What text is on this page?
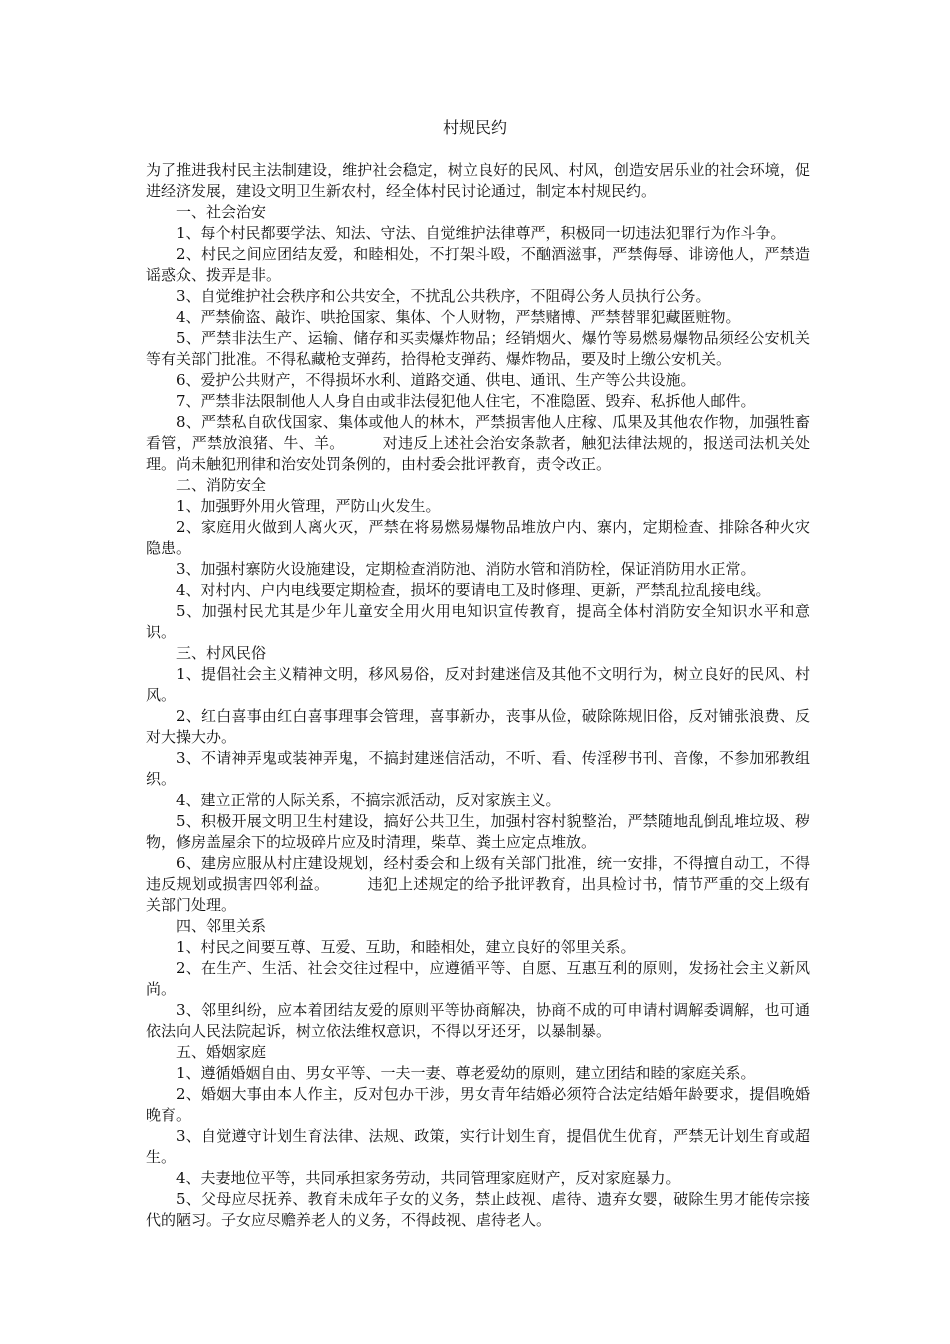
村规民约

为了推进我村民主法制建设，维护社会稳定，树立良好的民风、村风，创造安居乐业的社会环境，促进经济发展，建设文明卫生新农村，经全体村民讨论通过，制定本村规民约。

一、社会治安

1、每个村民都要学法、知法、守法、自觉维护法律尊严，积极同一切违法犯罪行为作斗争。

2、村民之间应团结友爱，和睦相处，不打架斗殴，不酗酒滋事，严禁侮辱、诽谤他人，严禁造谣惑众、拨弄是非。

3、自觉维护社会秩序和公共安全，不扰乱公共秩序，不阻碍公务人员执行公务。

4、严禁偷盗、敲诈、哄抢国家、集体、个人财物，严禁赌博、严禁替罪犯藏匿赃物。

5、严禁非法生产、运输、储存和买卖爆炸物品；经销烟火、爆竹等易燃易爆物品须经公安机关等有关部门批准。不得私藏枪支弹药，拾得枪支弹药、爆炸物品，要及时上缴公安机关。

6、爱护公共财产，不得损坏水利、道路交通、供电、通讯、生产等公共设施。

7、严禁非法限制他人人身自由或非法侵犯他人住宅，不准隐匿、毁弃、私拆他人邮件。

8、严禁私自砍伐国家、集体或他人的林木，严禁损害他人庄稼、瓜果及其他农作物，加强牲畜看管，严禁放浪猪、牛、羊。　　　对违反上述社会治安条款者，触犯法律法规的，报送司法机关处理。尚未触犯刑律和治安处罚条例的，由村委会批评教育，责令改正。

二、消防安全

1、加强野外用火管理，严防山火发生。

2、家庭用火做到人离火灭，严禁在将易燃易爆物品堆放户内、寨内，定期检查、排除各种火灾隐患。

3、加强村寨防火设施建设，定期检查消防池、消防水管和消防栓，保证消防用水正常。

4、对村内、户内电线要定期检查，损坏的要请电工及时修理、更新，严禁乱拉乱接电线。

5、加强村民尤其是少年儿童安全用火用电知识宣传教育，提高全体村消防安全知识水平和意识。

三、村风民俗

1、提倡社会主义精神文明，移风易俗，反对封建迷信及其他不文明行为，树立良好的民风、村风。

2、红白喜事由红白喜事理事会管理，喜事新办，丧事从俭，破除陈规旧俗，反对铺张浪费、反对大操大办。

3、不请神弄鬼或装神弄鬼，不搞封建迷信活动，不听、看、传淫秽书刊、音像，不参加邪教组织。

4、建立正常的人际关系，不搞宗派活动，反对家族主义。

5、积极开展文明卫生村建设，搞好公共卫生，加强村容村貌整治，严禁随地乱倒乱堆垃圾、秽物，修房盖屋余下的垃圾碎片应及时清理，柴草、粪土应定点堆放。

6、建房应服从村庄建设规划，经村委会和上级有关部门批准，统一安排，不得擅自动工，不得违反规划或损害四邻利益。　　　违犯上述规定的给予批评教育，出具检讨书，情节严重的交上级有关部门处理。

四、邻里关系

1、村民之间要互尊、互爱、互助，和睦相处，建立良好的邻里关系。

2、在生产、生活、社会交往过程中，应遵循平等、自愿、互惠互利的原则，发扬社会主义新风尚。

3、邻里纠纷，应本着团结友爱的原则平等协商解决，协商不成的可申请村调解委调解，也可通依法向人民法院起诉，树立依法维权意识，不得以牙还牙，以暴制暴。

五、婚姻家庭

1、遵循婚姻自由、男女平等、一夫一妻、尊老爱幼的原则，建立团结和睦的家庭关系。

2、婚姻大事由本人作主，反对包办干涉，男女青年结婚必须符合法定结婚年龄要求，提倡晚婚晚育。

3、自觉遵守计划生育法律、法规、政策，实行计划生育，提倡优生优育，严禁无计划生育或超生。

4、夫妻地位平等，共同承担家务劳动，共同管理家庭财产，反对家庭暴力。

5、父母应尽抚养、教育未成年子女的义务，禁止歧视、虐待、遗弃女婴，破除生男才能传宗接代的陋习。子女应尽赡养老人的义务，不得歧视、虐待老人。
